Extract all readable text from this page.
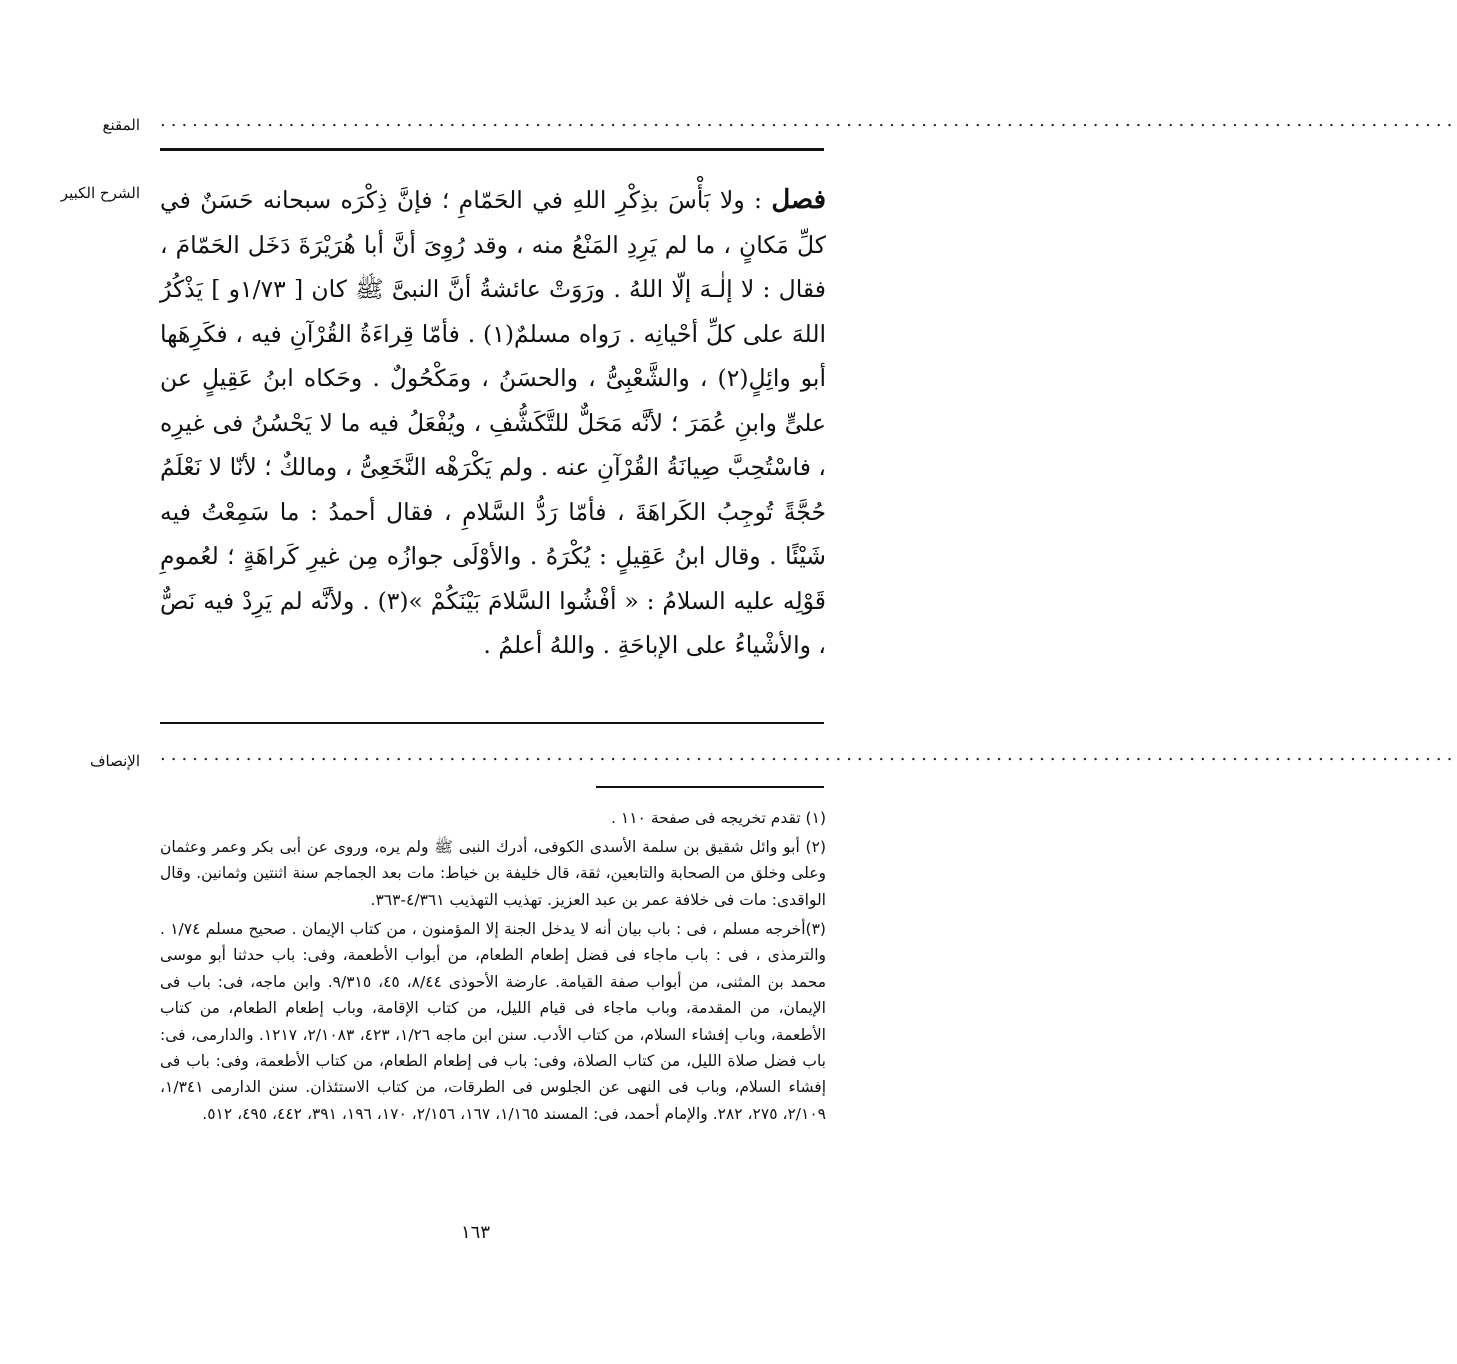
المقنع .........................................................................................................................
الشرح الكبير	فصل : ولا بَأْسَ بذِكْرِ اللهِ في الحَمّامِ ؛ فإنَّ ذِكْرَه سبحانه حَسَنٌ في كلِّ مَكانٍ ، ما لم يَرِدِ المَنْعُ منه ، وقد رُوِىَ أنَّ أبا هُرَيْرَةَ دَخَل الحَمّامَ ، فقال : لا إلٰـهَ إلّا اللهُ . ورَوَتْ عائشةُ أنَّ النبىَّ ﷺ كان [ ١/٧٣و ] يَذْكُرُ اللهَ على كلِّ أحْيانِه . رَواه مسلمٌ(١) . فأمّا قِراءَةُ القُرْآنِ فيه ، فكَرِهَها أبو وائِلٍ(٢) ، والشَّعْبِىُّ ، والحسَنُ ، ومَكْحُولٌ . وحَكاه ابنُ عَقِيلٍ عن علىٍّ وابنِ عُمَرَ ؛ لأنَّه مَحَلٌّ للتَّكَشُّفِ ، ويُفْعَلُ فيه ما لا يَحْسُنُ فى غيرِه ، فاسْتُحِبَّ صِيانَةُ القُرْآنِ عنه . ولم يَكْرَهْه النَّخَعِىُّ ، ومالكٌ ؛ لأنّا لا نَعْلَمُ حُجَّةً تُوجِبُ الكَراهَةَ ، فأمّا رَدُّ السَّلامِ ، فقال أحمدُ : ما سَمِعْتُ فيه شَيْئًا . وقال ابنُ عَقِيلٍ : يُكْرَهُ . والأوْلَى جوازُه مِن غيرِ كَراهَةٍ ؛ لعُمومِ قَوْلِه عليه السلامُ : « أفْشُوا السَّلامَ بَيْنَكُمْ »(٣) . ولأنَّه لم يَرِدْ فيه نَصٌّ ، والأشْياءُ على الإباحَةِ . واللهُ أعلمُ .
الإنصاف .........................................................................................................................
(١) تقدم تخريجه فى صفحة ١١٠ .
(٢) أبو وائل شقيق بن سلمة الأسدى الكوفى، أدرك النبى ﷺ ولم يره، وروى عن أبى بكر وعمر وعثمان وعلى وخلق من الصحابة والتابعين، ثقة، قال خليفة بن خياط: مات بعد الجماجم سنة اثنتين وثمانين. وقال الواقدى: مات فى خلافة عمر بن عبد العزيز. تهذيب التهذيب ٤/٣٦١-٣٦٣.
(٣)أخرجه مسلم ، فى : باب بيان أنه لا يدخل الجنة إلا المؤمنون ، من كتاب الإيمان . صحيح مسلم ١/٧٤ . والترمذى ، فى : باب ماجاء فى فضل إطعام الطعام، من أبواب الأطعمة، وفى: باب حدثنا أبو موسى محمد بن المثنى، من أبواب صفة القيامة. عارضة الأحوذى ٨/٤٤، ٤٥، ٩/٣١٥. وابن ماجه، فى: باب فى الإيمان، من المقدمة، وباب ماجاء فى قيام الليل، من كتاب الإقامة، وباب إطعام الطعام، من كتاب الأطعمة، وباب إفشاء السلام، من كتاب الأدب. سنن ابن ماجه ١/٢٦، ٤٢٣، ٢/١٠٨٣، ١٢١٧. والدارمى، فى: باب فضل صلاة الليل، من كتاب الصلاة، وفى: باب فى إطعام الطعام، من كتاب الأطعمة، وفى: باب فى إفشاء السلام، وباب فى النهى عن الجلوس فى الطرقات، من كتاب الاستئذان. سنن الدارمى ١/٣٤١، ٢/١٠٩، ٢٧٥، ٢٨٢. والإمام أحمد، فى: المسند ١/١٦٥، ١٦٧، ٢/١٥٦، ١٧٠، ١٩٦، ٣٩١، ٤٤٢، ٤٩٥، ٥١٢.
١٦٣
